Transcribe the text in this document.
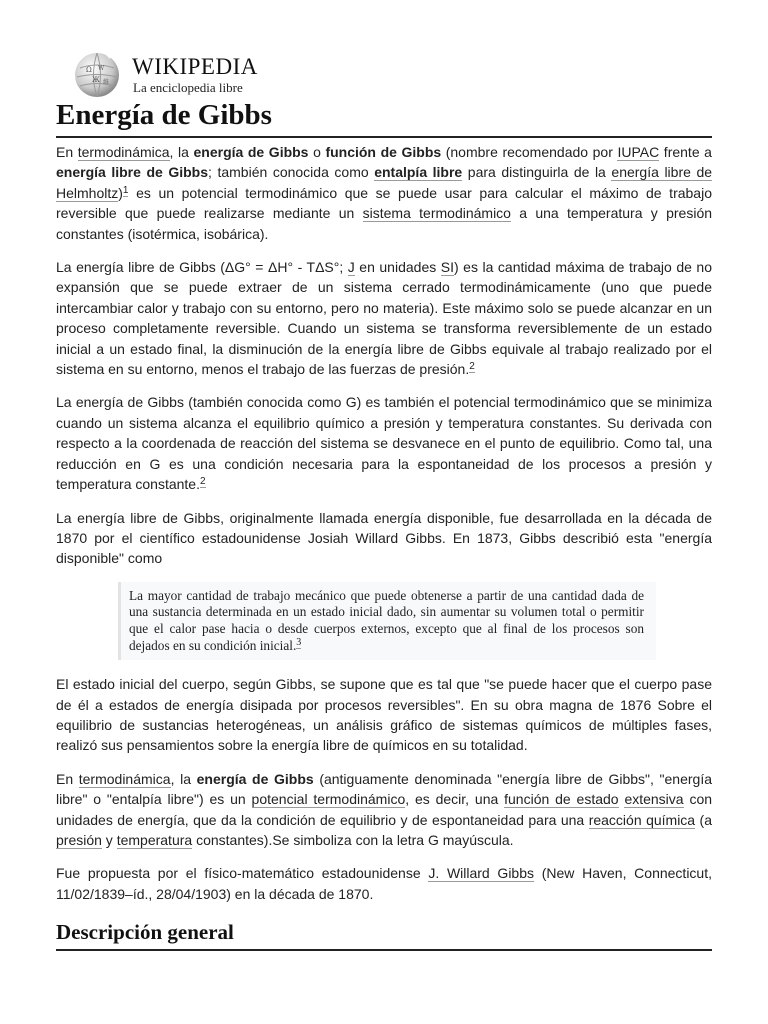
Ω W
Ж 維
WIKIPEDIA
La enciclopedia libre
Energía de Gibbs

En termodinámica, la energía de Gibbs o función de Gibbs (nombre recomendado por IUPAC frente a energía libre de Gibbs; también conocida como entalpía libre para distinguirla de la energía libre de Helmholtz)$^1$ es un potencial termodinámico que se puede usar para calcular el máximo de trabajo reversible que puede realizarse mediante un sistema termodinámico a una temperatura y presión constantes (isotérmica, isobárica).

La energía libre de Gibbs (ΔG° = ΔH° - TΔS°; J en unidades SI) es la cantidad máxima de trabajo de no expansión que se puede extraer de un sistema cerrado termodinámicamente (uno que puede intercambiar calor y trabajo con su entorno, pero no materia). Este máximo solo se puede alcanzar en un proceso completamente reversible. Cuando un sistema se transforma reversiblemente de un estado inicial a un estado final, la disminución de la energía libre de Gibbs equivale al trabajo realizado por el sistema en su entorno, menos el trabajo de las fuerzas de presión.$^2$

La energía de Gibbs (también conocida como G) es también el potencial termodinámico que se minimiza cuando un sistema alcanza el equilibrio químico a presión y temperatura constantes. Su derivada con respecto a la coordenada de reacción del sistema se desvanece en el punto de equilibrio. Como tal, una reducción en G es una condición necesaria para la espontaneidad de los procesos a presión y temperatura constante.$^2$

La energía libre de Gibbs, originalmente llamada energía disponible, fue desarrollada en la década de 1870 por el científico estadounidense Josiah Willard Gibbs. En 1873, Gibbs describió esta "energía disponible" como

La mayor cantidad de trabajo mecánico que puede obtenerse a partir de una cantidad dada de una sustancia determinada en un estado inicial dado, sin aumentar su volumen total o permitir que el calor pase hacia o desde cuerpos externos, excepto que al final de los procesos son dejados en su condición inicial.$^3$

El estado inicial del cuerpo, según Gibbs, se supone que es tal que "se puede hacer que el cuerpo pase de él a estados de energía disipada por procesos reversibles". En su obra magna de 1876 Sobre el equilibrio de sustancias heterogéneas, un análisis gráfico de sistemas químicos de múltiples fases, realizó sus pensamientos sobre la energía libre de químicos en su totalidad.

En termodinámica, la energía de Gibbs (antiguamente denominada "energía libre de Gibbs", "energía libre" o "entalpía libre") es un potencial termodinámico, es decir, una función de estado extensiva con unidades de energía, que da la condición de equilibrio y de espontaneidad para una reacción química (a presión y temperatura constantes).Se simboliza con la letra G mayúscula.

Fue propuesta por el físico-matemático estadounidense J. Willard Gibbs (New Haven, Connecticut, 11/02/1839–íd., 28/04/1903) en la década de 1870.

Descripción general
